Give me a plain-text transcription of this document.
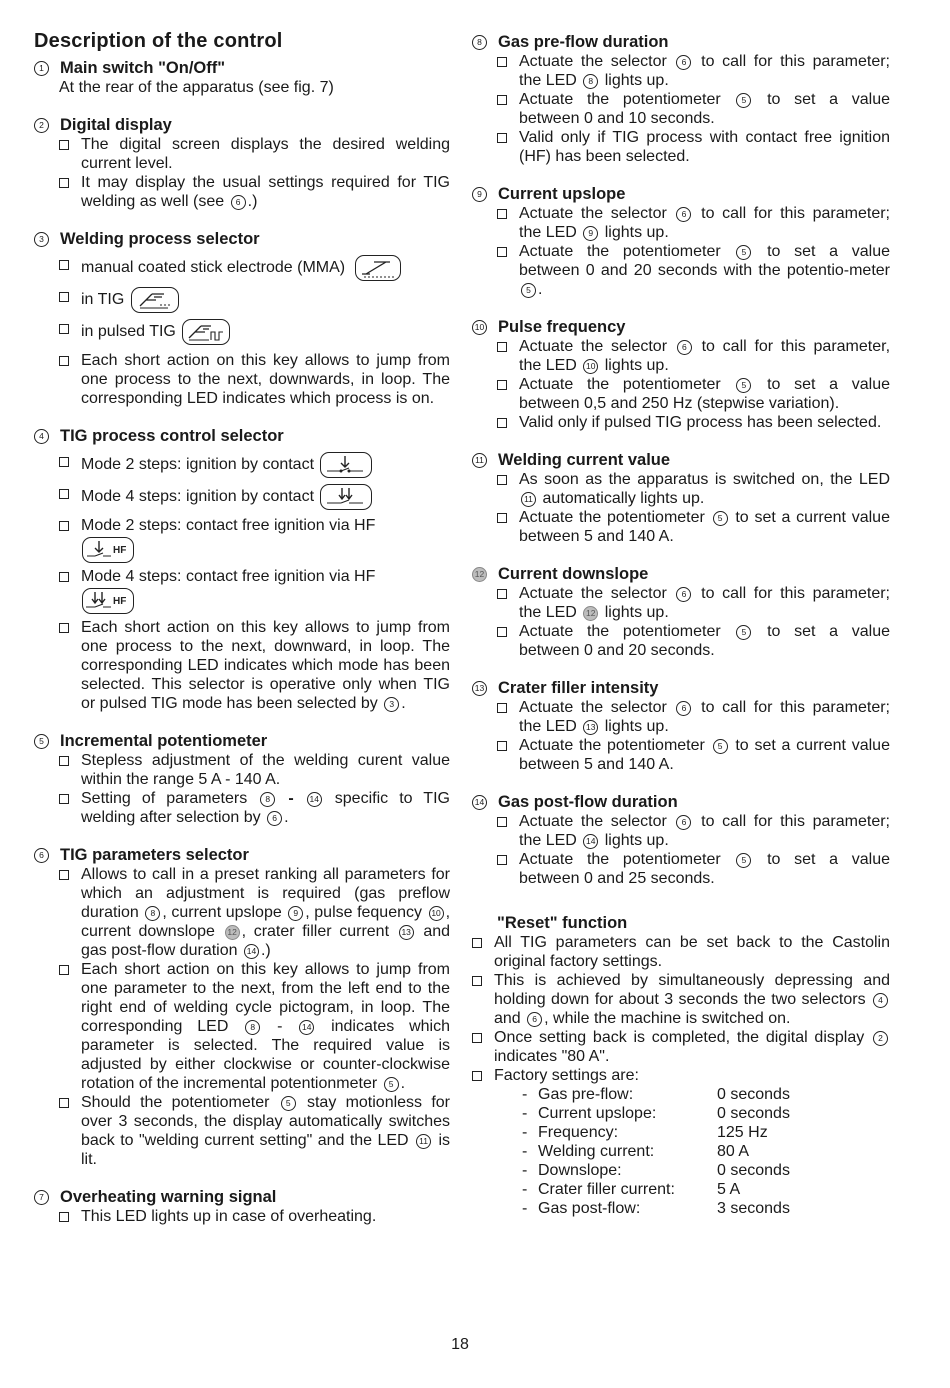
Description of the control
1 Main switch "On/Off"
At the rear of the apparatus (see fig. 7)
2 Digital display
The digital screen displays the desired welding current level.
It may display the usual settings required for TIG welding as well (see 6 .)
3 Welding process selector
manual coated stick electrode (MMA)
in TIG
in pulsed TIG
Each short action on this key allows to jump from one process to the next, downwards, in loop. The corresponding LED indicates which process is on.
4 TIG process control selector
Mode 2 steps: ignition by contact
Mode 4 steps: ignition by contact
Mode 2 steps: contact free ignition via HF
HF
Mode 4 steps: contact free ignition via HF
HF
Each short action on this key allows to jump from one process to the next, downward, in loop. The corresponding LED indicates which mode has been selected. This selector is operative only when TIG or pulsed TIG mode has been selected by 3 .
5 Incremental potentiometer
Stepless adjustment of the welding curent value within the range 5 A - 140 A.
Setting of parameters 8 - 14 specific to TIG welding after selection by 6 .
6 TIG parameters selector
Allows to call in a preset ranking all parameters for which an adjustment is required (gas preflow duration 8 , current upslope 9 , pulse fequency 10 , current downslope 12 , crater filler current 13 and gas post-flow duration 14 .)
Each short action on this key allows to jump from one parameter to the next, from the left end to the right end of welding cycle pictogram, in loop. The corresponding LED	8 - 14 indicates which parameter is selected. The required value is adjusted by either clockwise or counter-clockwise rotation of the incremental potentionmeter 5 .
Should the potentiometer 5 stay motionless for over 3 seconds, the display automatically switches back to "welding current setting" and the LED 11 is lit.
7 Overheating warning signal
This LED lights up in case of overheating.
8 Gas pre-flow duration
Actuate the selector 6 to call for this parameter; the LED 8 lights up.
Actuate the potentiometer 5 to set a value between 0 and 10 seconds.
Valid only if TIG process with contact free ignition (HF) has been selected.
9 Current upslope
Actuate the selector 6 to call for this parameter; the LED 9 lights up.
Actuate the potentiometer 5 to set a value between 0 and 20 seconds with the potentio-meter 5 .
10 Pulse frequency
Actuate the selector 6 to call for this parameter, the LED 10 lights up.
Actuate the potentiometer 5 to set a value between 0,5 and 250 Hz (stepwise variation).
Valid only if pulsed TIG process has been selected.
11 Welding current value
As soon as the apparatus is switched on, the LED 11 automatically lights up.
Actuate the potentiometer 5 to set a current value between 5 and 140 A.
12 Current downslope
Actuate the selector 6 to call for this parameter; the LED 12 lights up.
Actuate the potentiometer 5 to set a value between 0 and 20 seconds.
13 Crater filler intensity
Actuate the selector 6 to call for this parameter; the LED 13 lights up.
Actuate the potentiometer 5 to set a current value between 5 and 140 A.
14 Gas post-flow duration
Actuate the selector 6 to call for this parameter; the LED 14 lights up.
Actuate the potentiometer 5 to set a value between 0 and 25 seconds.
"Reset" function
All TIG parameters can be set back to the Castolin original factory settings.
This is achieved by simultaneously depressing and holding down for about 3 seconds the two selectors 4 and 6 , while the machine is switched on.
Once setting back is completed, the digital display 2 indicates "80 A".
Factory settings are:
- Gas pre-flow:	0 seconds
- Current upslope:	0 seconds
- Frequency:	125 Hz
- Welding current:	80 A
- Downslope:	0 seconds
- Crater filler current:	5 A
- Gas post-flow:	3 seconds
18
